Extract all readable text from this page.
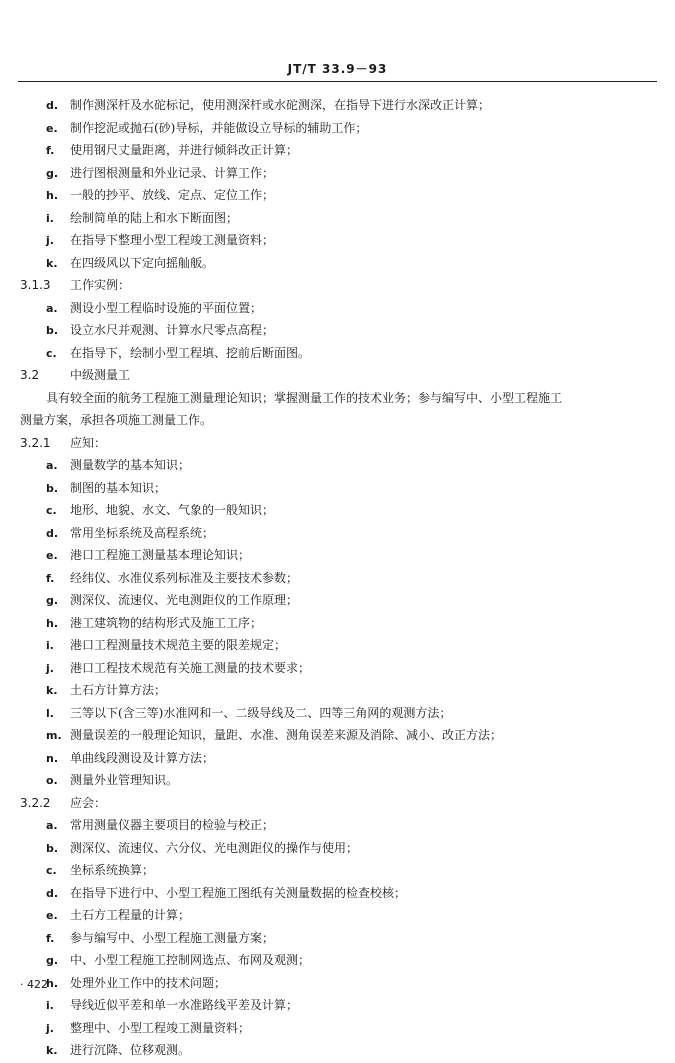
JT/T 33.9－93
d. 制作测深杆及水砣标记，使用测深杆或水砣测深，在指导下进行水深改正计算；
e. 制作挖泥或抛石(砂)导标，并能做设立导标的辅助工作；
f. 使用钢尺丈量距离，并进行倾斜改正计算；
g. 进行图根测量和外业记录、计算工作；
h. 一般的抄平、放线、定点、定位工作；
i. 绘制简单的陆上和水下断面图；
j. 在指导下整理小型工程竣工测量资料；
k. 在四级风以下定向摇舢舨。
3.1.3 工作实例：
a. 测设小型工程临时设施的平面位置；
b. 设立水尺并观测、计算水尺零点高程；
c. 在指导下，绘制小型工程填、挖前后断面图。
3.2	中级测量工
具有较全面的航务工程施工测量理论知识；掌握测量工作的技术业务；参与编写中、小型工程施工
测量方案，承担各项施工测量工作。
3.2.1 应知：
a. 测量数学的基本知识；
b. 制图的基本知识；
c. 地形、地貌、水文、气象的一般知识；
d. 常用坐标系统及高程系统；
e. 港口工程施工测量基本理论知识；
f. 经纬仪、水准仪系列标准及主要技术参数；
g. 测深仪、流速仪、光电测距仪的工作原理；
h. 港工建筑物的结构形式及施工工序；
i. 港口工程测量技术规范主要的限差规定；
j. 港口工程技术规范有关施工测量的技术要求；
k. 土石方计算方法；
l. 三等以下(含三等)水准网和一、二级导线及二、四等三角网的观测方法；
m. 测量误差的一般理论知识，量距、水准、测角误差来源及消除、减小、改正方法；
n. 单曲线段测设及计算方法；
o. 测量外业管理知识。
3.2.2 应会：
a. 常用测量仪器主要项目的检验与校正；
b. 测深仪、流速仪、六分仪、光电测距仪的操作与使用；
c. 坐标系统换算；
d. 在指导下进行中、小型工程施工图纸有关测量数据的检查校核；
e. 土石方工程量的计算；
f. 参与编写中、小型工程施工测量方案；
g. 中、小型工程施工控制网选点、布网及观测；
h. 处理外业工作中的技术问题；
i. 导线近似平差和单一水准路线平差及计算；
j. 整理中、小型工程竣工测量资料；
k. 进行沉降、位移观测。
· 422
